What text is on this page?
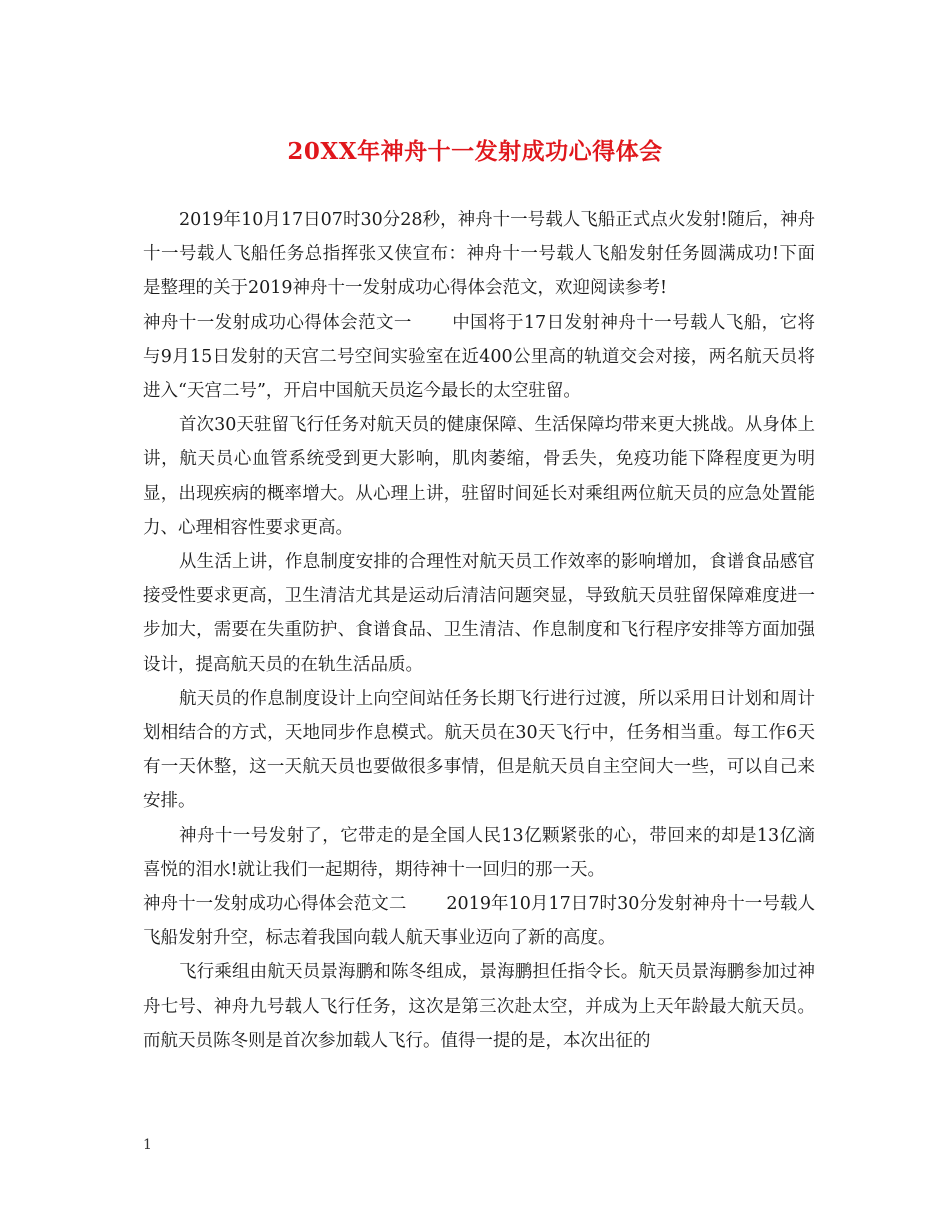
20XX年神舟十一发射成功心得体会

2019年10月17日07时30分28秒，神舟十一号载人飞船正式点火发射!随后，神舟十一号载人飞船任务总指挥张又侠宣布：神舟十一号载人飞船发射任务圆满成功!下面是整理的关于2019神舟十一发射成功心得体会范文，欢迎阅读参考!

神舟十一发射成功心得体会范文一 中国将于17日发射神舟十一号载人飞船，它将与9月15日发射的天宫二号空间实验室在近400公里高的轨道交会对接，两名航天员将进入“天宫二号”，开启中国航天员迄今最长的太空驻留。

首次30天驻留飞行任务对航天员的健康保障、生活保障均带来更大挑战。从身体上讲，航天员心血管系统受到更大影响，肌肉萎缩，骨丢失，免疫功能下降程度更为明显，出现疾病的概率增大。从心理上讲，驻留时间延长对乘组两位航天员的应急处置能力、心理相容性要求更高。

从生活上讲，作息制度安排的合理性对航天员工作效率的影响增加，食谱食品感官接受性要求更高，卫生清洁尤其是运动后清洁问题突显，导致航天员驻留保障难度进一步加大，需要在失重防护、食谱食品、卫生清洁、作息制度和飞行程序安排等方面加强设计，提高航天员的在轨生活品质。

航天员的作息制度设计上向空间站任务长期飞行进行过渡，所以采用日计划和周计划相结合的方式，天地同步作息模式。航天员在30天飞行中，任务相当重。每工作6天有一天休整，这一天航天员也要做很多事情，但是航天员自主空间大一些，可以自己来安排。

神舟十一号发射了，它带走的是全国人民13亿颗紧张的心，带回来的却是13亿滴喜悦的泪水!就让我们一起期待，期待神十一回归的那一天。

神舟十一发射成功心得体会范文二 2019年10月17日7时30分发射神舟十一号载人飞船发射升空，标志着我国向载人航天事业迈向了新的高度。

飞行乘组由航天员景海鹏和陈冬组成，景海鹏担任指令长。航天员景海鹏参加过神舟七号、神舟九号载人飞行任务，这次是第三次赴太空，并成为上天年龄最大航天员。而航天员陈冬则是首次参加载人飞行。值得一提的是，本次出征的

1
